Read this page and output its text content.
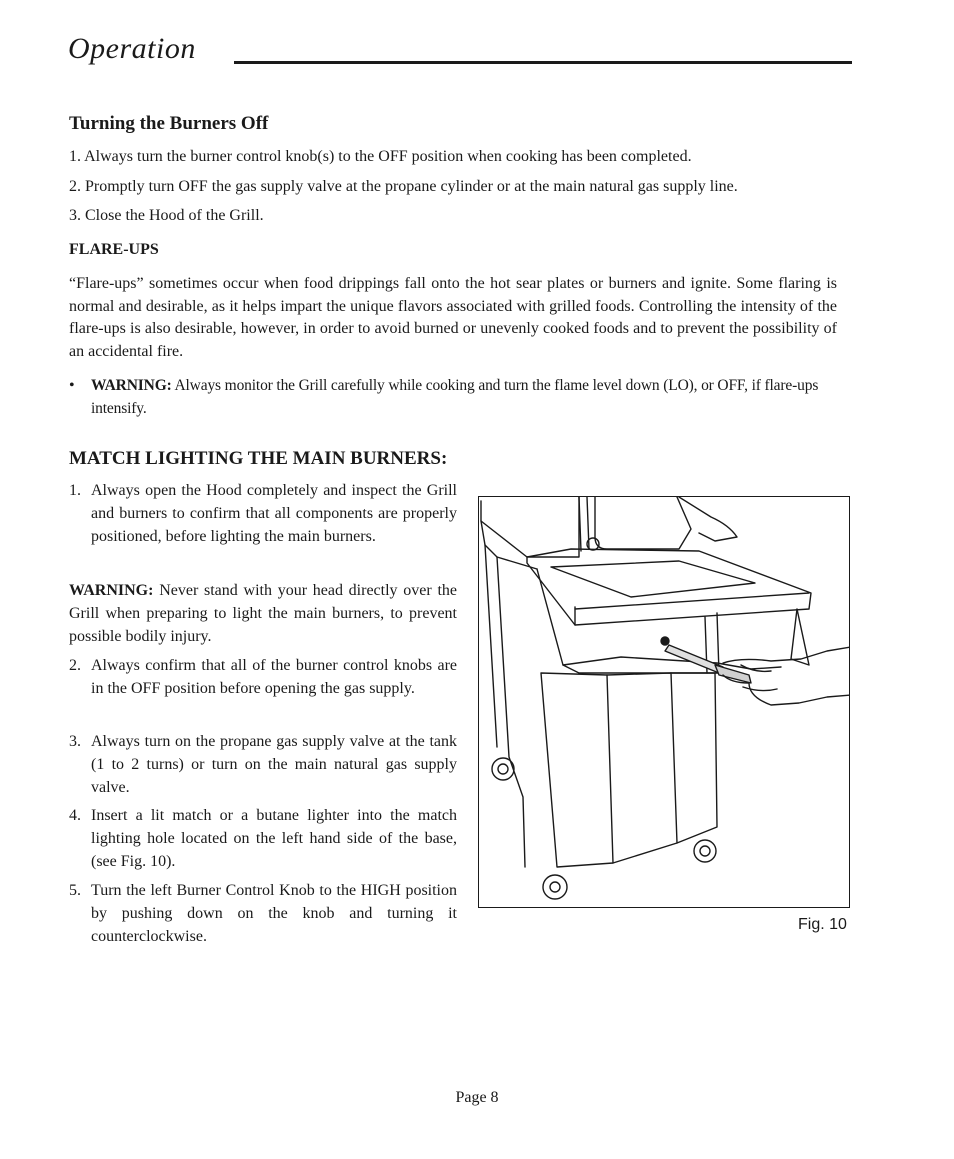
Operation
Turning the Burners Off
1. Always turn the burner control knob(s) to the OFF position when cooking has been completed.
2. Promptly turn OFF the gas supply valve at the propane cylinder or at the main natural gas supply line.
3. Close the Hood of the Grill.
FLARE-UPS
“Flare-ups” sometimes occur when food drippings fall onto the hot sear plates or burners and ignite. Some flaring is normal and desirable, as it helps impart the unique flavors associated with grilled foods. Controlling the intensity of the flare-ups is also desirable, however, in order to avoid burned or unevenly cooked foods and to prevent the possibility of an accidental fire.
• WARNING: Always monitor the Grill carefully while cooking and turn the flame level down (LO), or OFF, if flare-ups intensify.
MATCH LIGHTING THE MAIN BURNERS:
1. Always open the Hood completely and inspect the Grill and burners to confirm that all components are properly positioned, before lighting the main burners.
WARNING: Never stand with your head directly over the Grill when preparing to light the main burners, to prevent possible bodily injury.
2. Always confirm that all of the burner control knobs are in the OFF position before opening the gas supply.
3. Always turn on the propane gas supply valve at the tank (1 to 2 turns) or turn on the main natural gas supply valve.
4. Insert a lit match or a butane lighter into the match lighting hole located on the left hand side of the base, (see Fig. 10).
5. Turn the left Burner Control Knob to the HIGH position by pushing down on the knob and turning it counterclockwise.
Fig. 10
Page 8
